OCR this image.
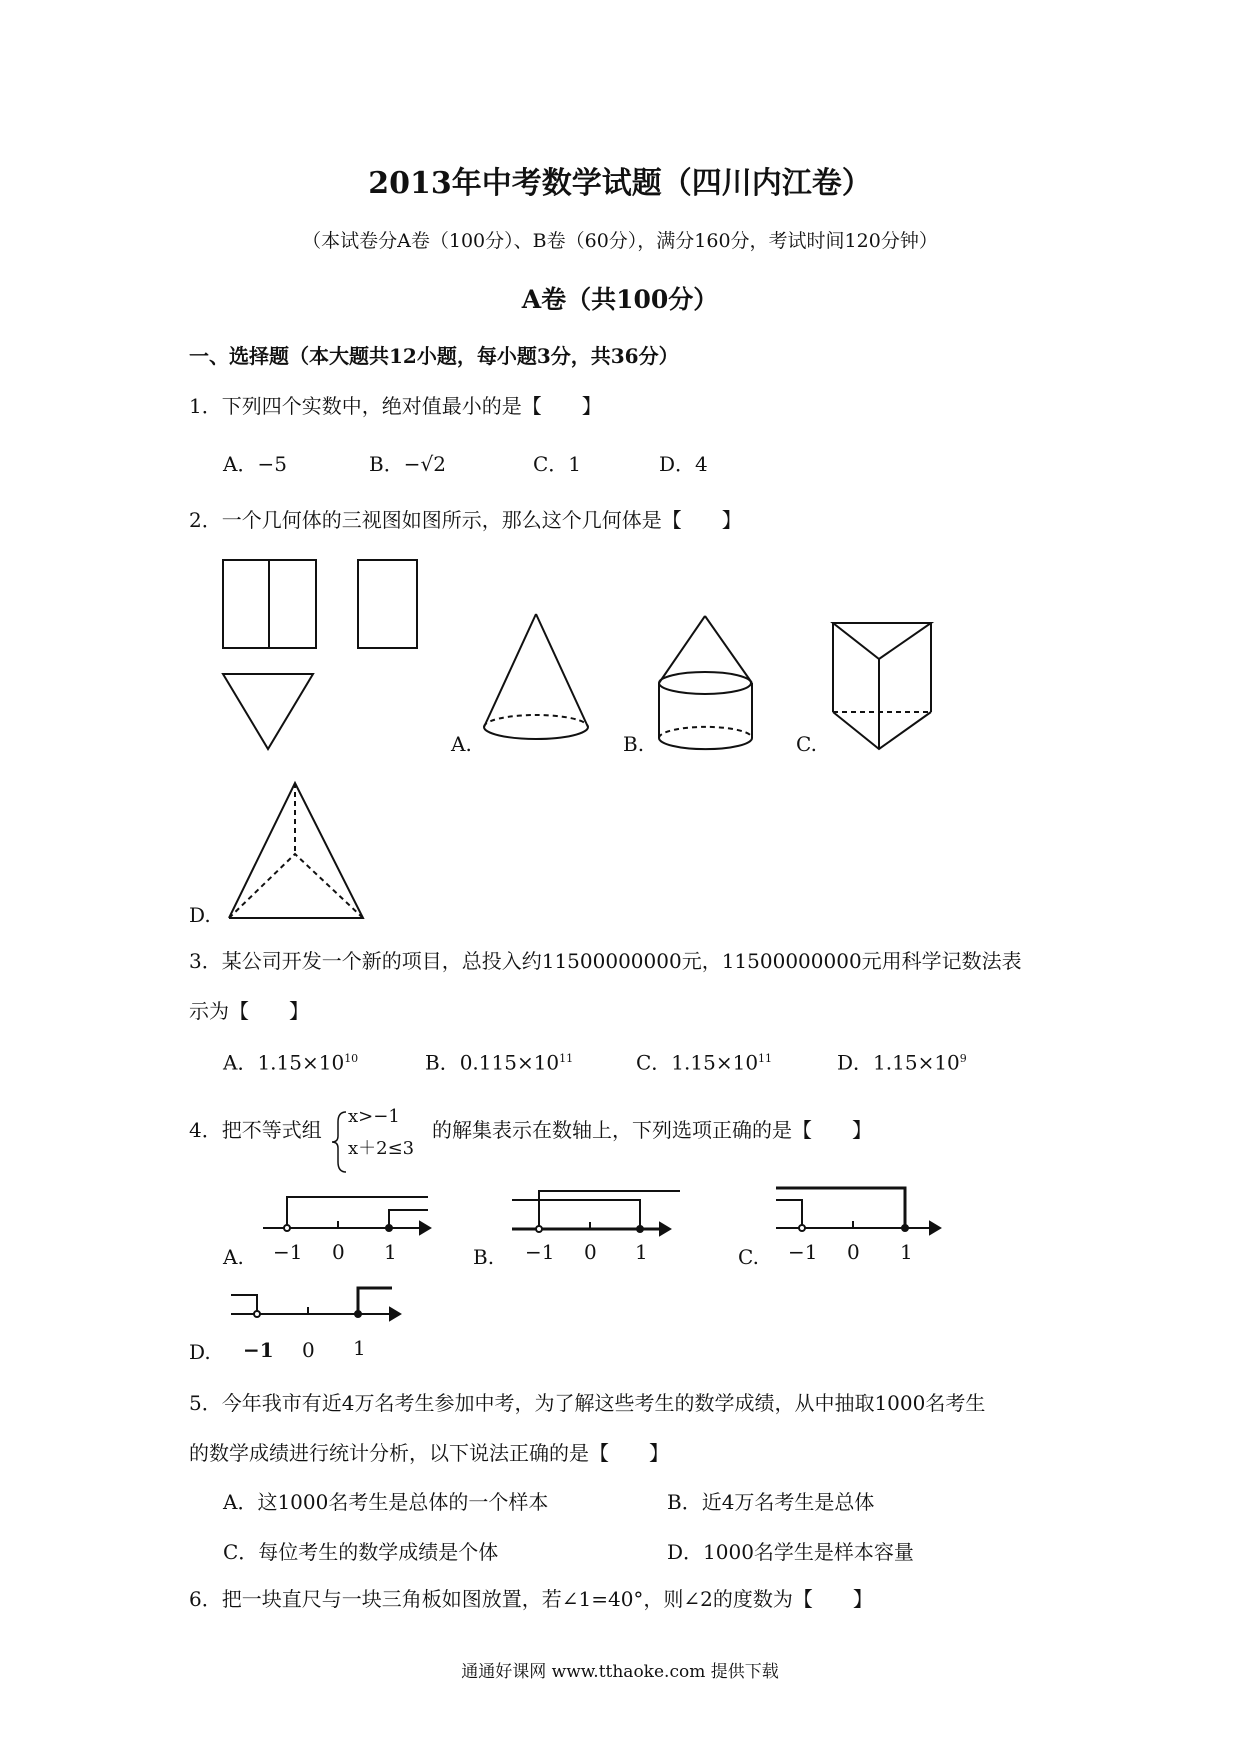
2013年中考数学试题（四川内江卷）
（本试卷分A卷（100分）、B卷（60分），满分160分，考试时间120分钟）
A卷（共100分）
一、选择题（本大题共12小题，每小题3分，共36分）
1．下列四个实数中，绝对值最小的是【　　】
A．−5	B．−√2	C．1	D．4
2．一个几何体的三视图如图所示，那么这个几何体是【　　】
A.	B.	C.
D.
3．某公司开发一个新的项目，总投入约11500000000元，11500000000元用科学记数法表
示为【　　】
A．$1.15\times 10^{10}$	B．$0.115\times 10^{11}$	C．$1.15\times 10^{11}$	D．$1.15\times 10^9$
4．把不等式组
x>−1
x＋2≤3
的解集表示在数轴上，下列选项正确的是【　　】
A. −1 0 1	B. −1 0 1	C. −1 0 1
D. −1 0 1
5．今年我市有近4万名考生参加中考，为了解这些考生的数学成绩，从中抽取1000名考生
的数学成绩进行统计分析，以下说法正确的是【　　】
A．这1000名考生是总体的一个样本	B．近4万名考生是总体
C．每位考生的数学成绩是个体	D．1000名学生是样本容量
6．把一块直尺与一块三角板如图放置，若∠1=40°，则∠2的度数为【　　】
通通好课网 www.tthaoke.com 提供下载
